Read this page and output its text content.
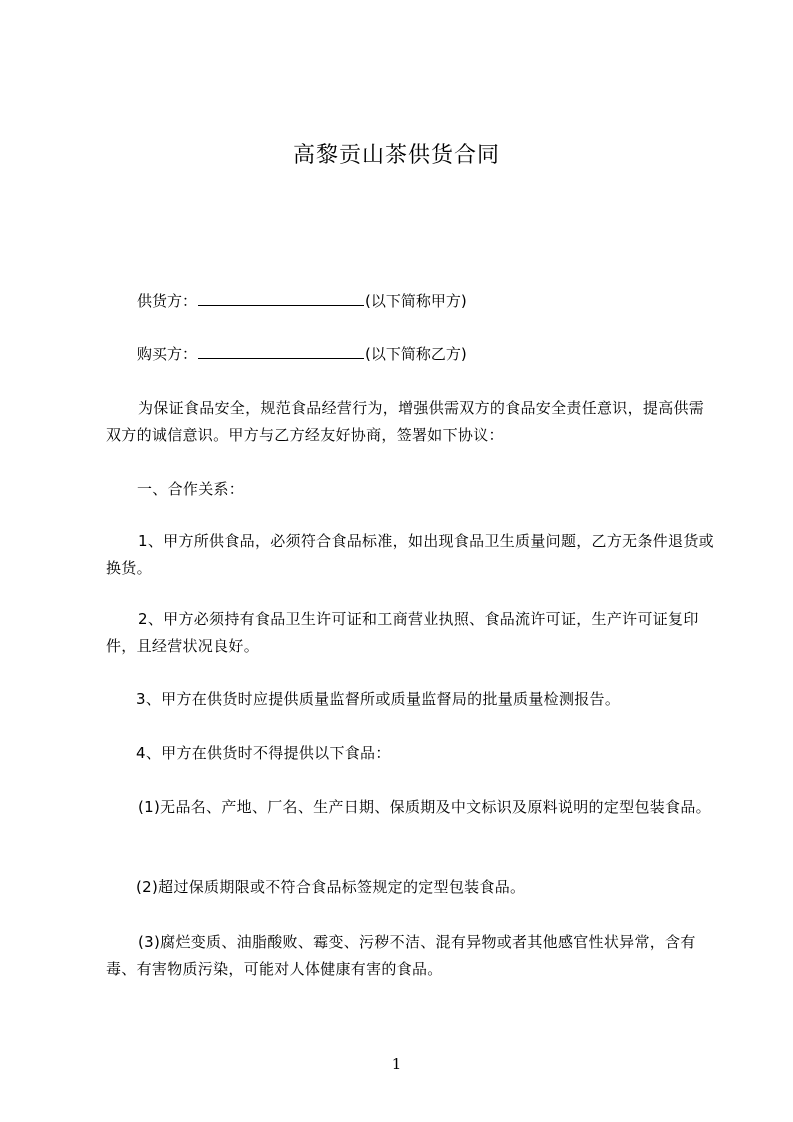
高黎贡山茶供货合同
供货方：	(以下简称甲方)
购买方：	(以下简称乙方)
为保证食品安全，规范食品经营行为，增强供需双方的食品安全责任意识，提高供需双方的诚信意识。甲方与乙方经友好协商，签署如下协议：
一、合作关系：
1、甲方所供食品，必须符合食品标准，如出现食品卫生质量问题，乙方无条件退货或换货。
2、甲方必须持有食品卫生许可证和工商营业执照、食品流许可证，生产许可证复印件，且经营状况良好。
3、甲方在供货时应提供质量监督所或质量监督局的批量质量检测报告。
4、甲方在供货时不得提供以下食品：
(1)无品名、产地、厂名、生产日期、保质期及中文标识及原料说明的定型包装食品。
(2)超过保质期限或不符合食品标签规定的定型包装食品。
(3)腐烂变质、油脂酸败、霉变、污秽不洁、混有异物或者其他感官性状异常，含有毒、有害物质污染，可能对人体健康有害的食品。
1
